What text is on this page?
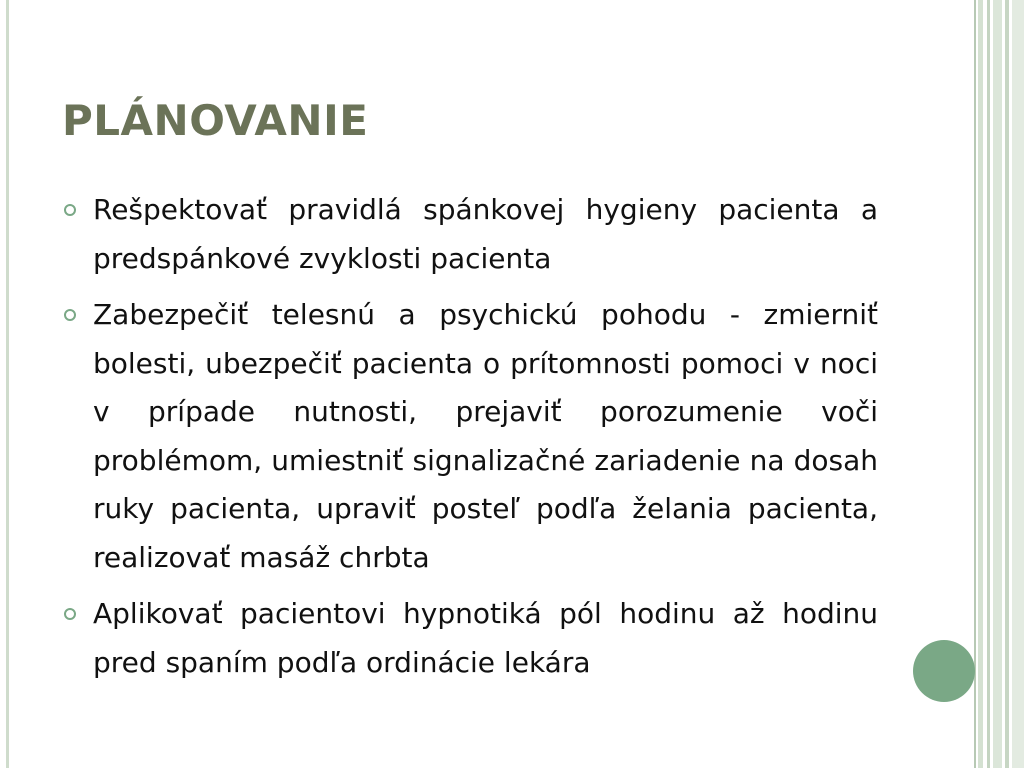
PLÁNOVANIE

Rešpektovať pravidlá spánkovej hygieny pacienta a predspánkové zvyklosti pacienta

Zabezpečiť telesnú a psychickú pohodu - zmierniť bolesti, ubezpečiť pacienta o prítomnosti pomoci v noci v prípade nutnosti, prejaviť porozumenie voči problémom, umiestniť signalizačné zariadenie na dosah ruky pacienta, upraviť posteľ podľa želania pacienta, realizovať masáž chrbta

Aplikovať pacientovi hypnotiká pól hodinu až hodinu pred spaním podľa ordinácie lekára
